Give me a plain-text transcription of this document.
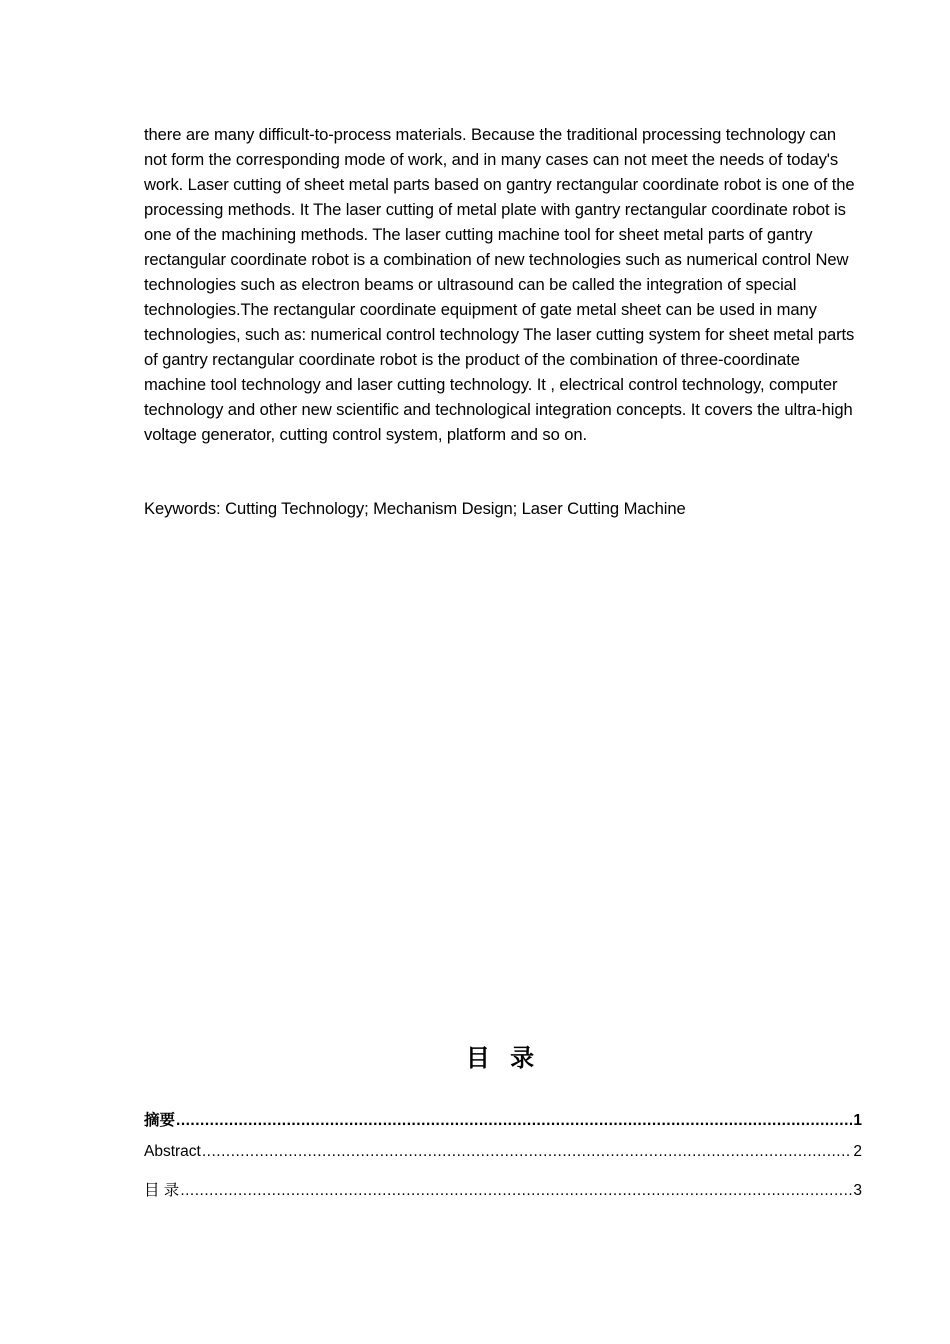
there are many difficult-to-process materials. Because the traditional processing technology can not form the corresponding mode of work, and in many cases can not meet the needs of today's work. Laser cutting of sheet metal parts based on gantry rectangular coordinate robot is one of the processing methods. It The laser cutting of metal plate with gantry rectangular coordinate robot is one of the machining methods. The laser cutting machine tool for sheet metal parts of gantry rectangular coordinate robot is a combination of new technologies such as numerical control New technologies such as electron beams or ultrasound can be called the integration of special technologies.The rectangular coordinate equipment of gate metal sheet can be used in many technologies, such as: numerical control technology The laser cutting system for sheet metal parts of gantry rectangular coordinate robot is the product of the combination of three-coordinate machine tool technology and laser cutting technology. It , electrical control technology, computer technology and other new scientific and technological integration concepts. It covers the ultra-high voltage generator, cutting control system, platform and so on.

Keywords: Cutting Technology; Mechanism Design; Laser Cutting Machine

目 录
摘要 .....	1
Abstract .....	2
目 录 .....	3
